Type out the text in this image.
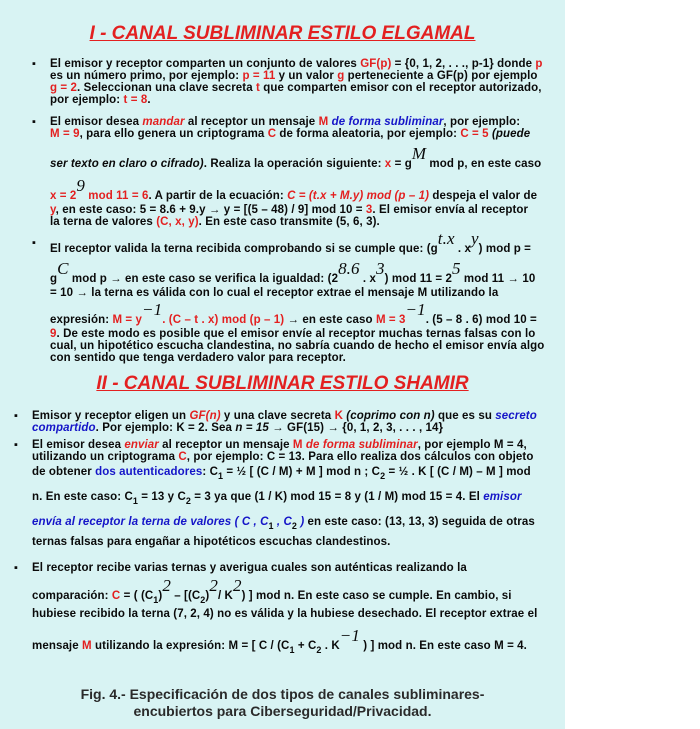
I - CANAL SUBLIMINAR ESTILO ELGAMAL
▪ El emisor y receptor comparten un conjunto de valores GF(p) = {0, 1, 2, . . ., p-1} donde p
es un número primo, por ejemplo: p = 11 y un valor g perteneciente a GF(p) por ejemplo
g = 2. Seleccionan una clave secreta t que comparten emisor con el receptor autorizado,
por ejemplo: t = 8.
▪ El emisor desea mandar al receptor un mensaje M de forma subliminar, por ejemplo:
M = 9, para ello genera un criptograma C de forma aleatoria, por ejemplo: C = 5 (puede
ser texto en claro o cifrado). Realiza la operación siguiente: x = gM mod p, en este caso
x = 29 mod 11 = 6. A partir de la ecuación: C = (t.x + M.y) mod (p – 1) despeja el valor de
y, en este caso: 5 = 8.6 + 9.y → y = [(5 – 48) / 9] mod 10 = 3. El emisor envía al receptor
la terna de valores (C, x, y). En este caso transmite (5, 6, 3).
▪ El receptor valida la terna recibida comprobando si se cumple que: (gt.x . xy) mod p =
gC mod p → en este caso se verifica la igualdad: (28.6 . x3) mod 11 = 25 mod 11 → 10
= 10 → la terna es válida con lo cual el receptor extrae el mensaje M utilizando la
expresión: M = y−1. (C – t . x) mod (p – 1) → en este caso M = 3−1. (5 – 8 . 6) mod 10 =
9. De este modo es posible que el emisor envíe al receptor muchas ternas falsas con lo
cual, un hipotético escucha clandestina, no sabría cuando de hecho el emisor envía algo
con sentido que tenga verdadero valor para receptor.
II - CANAL SUBLIMINAR ESTILO SHAMIR
▪ Emisor y receptor eligen un GF(n) y una clave secreta K (coprimo con n) que es su secreto
compartido. Por ejemplo: K = 2. Sea n = 15 → GF(15) → {0, 1, 2, 3, . . . , 14}
▪ El emisor desea enviar al receptor un mensaje M de forma subliminar, por ejemplo M = 4,
utilizando un criptograma C, por ejemplo: C = 13. Para ello realiza dos cálculos con objeto
de obtener dos autenticadores: $C_1$ = ½ [ (C / M) + M ] mod n ; $C_2$ = ½ . K [ (C / M) – M ] mod
n. En este caso: $C_1 = 13$ y $C_2 = 3$ ya que (1 / K) mod 15 = 8 y (1 / M) mod 15 = 4. El emisor
envía al receptor la terna de valores ( C , $C_1$ , $C_2$ ) en este caso: (13, 13, 3) seguida de otras
ternas falsas para engañar a hipotéticos escuchas clandestinos.
▪ El receptor recibe varias ternas y averigua cuales son auténticas realizando la
comparación: C = ( $(C_1)2 - [(C_2)2/$ K2) ] mod n. En este caso se cumple. En cambio, si
hubiese recibido la terna (7, 2, 4) no es válida y la hubiese desechado. El receptor extrae el
mensaje M utilizando la expresión: M = [ $C / (C_1 + C_2$ . K−1 ) ] mod n. En este caso M = 4.
Fig. 4.- Especificación de dos tipos de canales subliminares-
encubiertos para Ciberseguridad/Privacidad.
